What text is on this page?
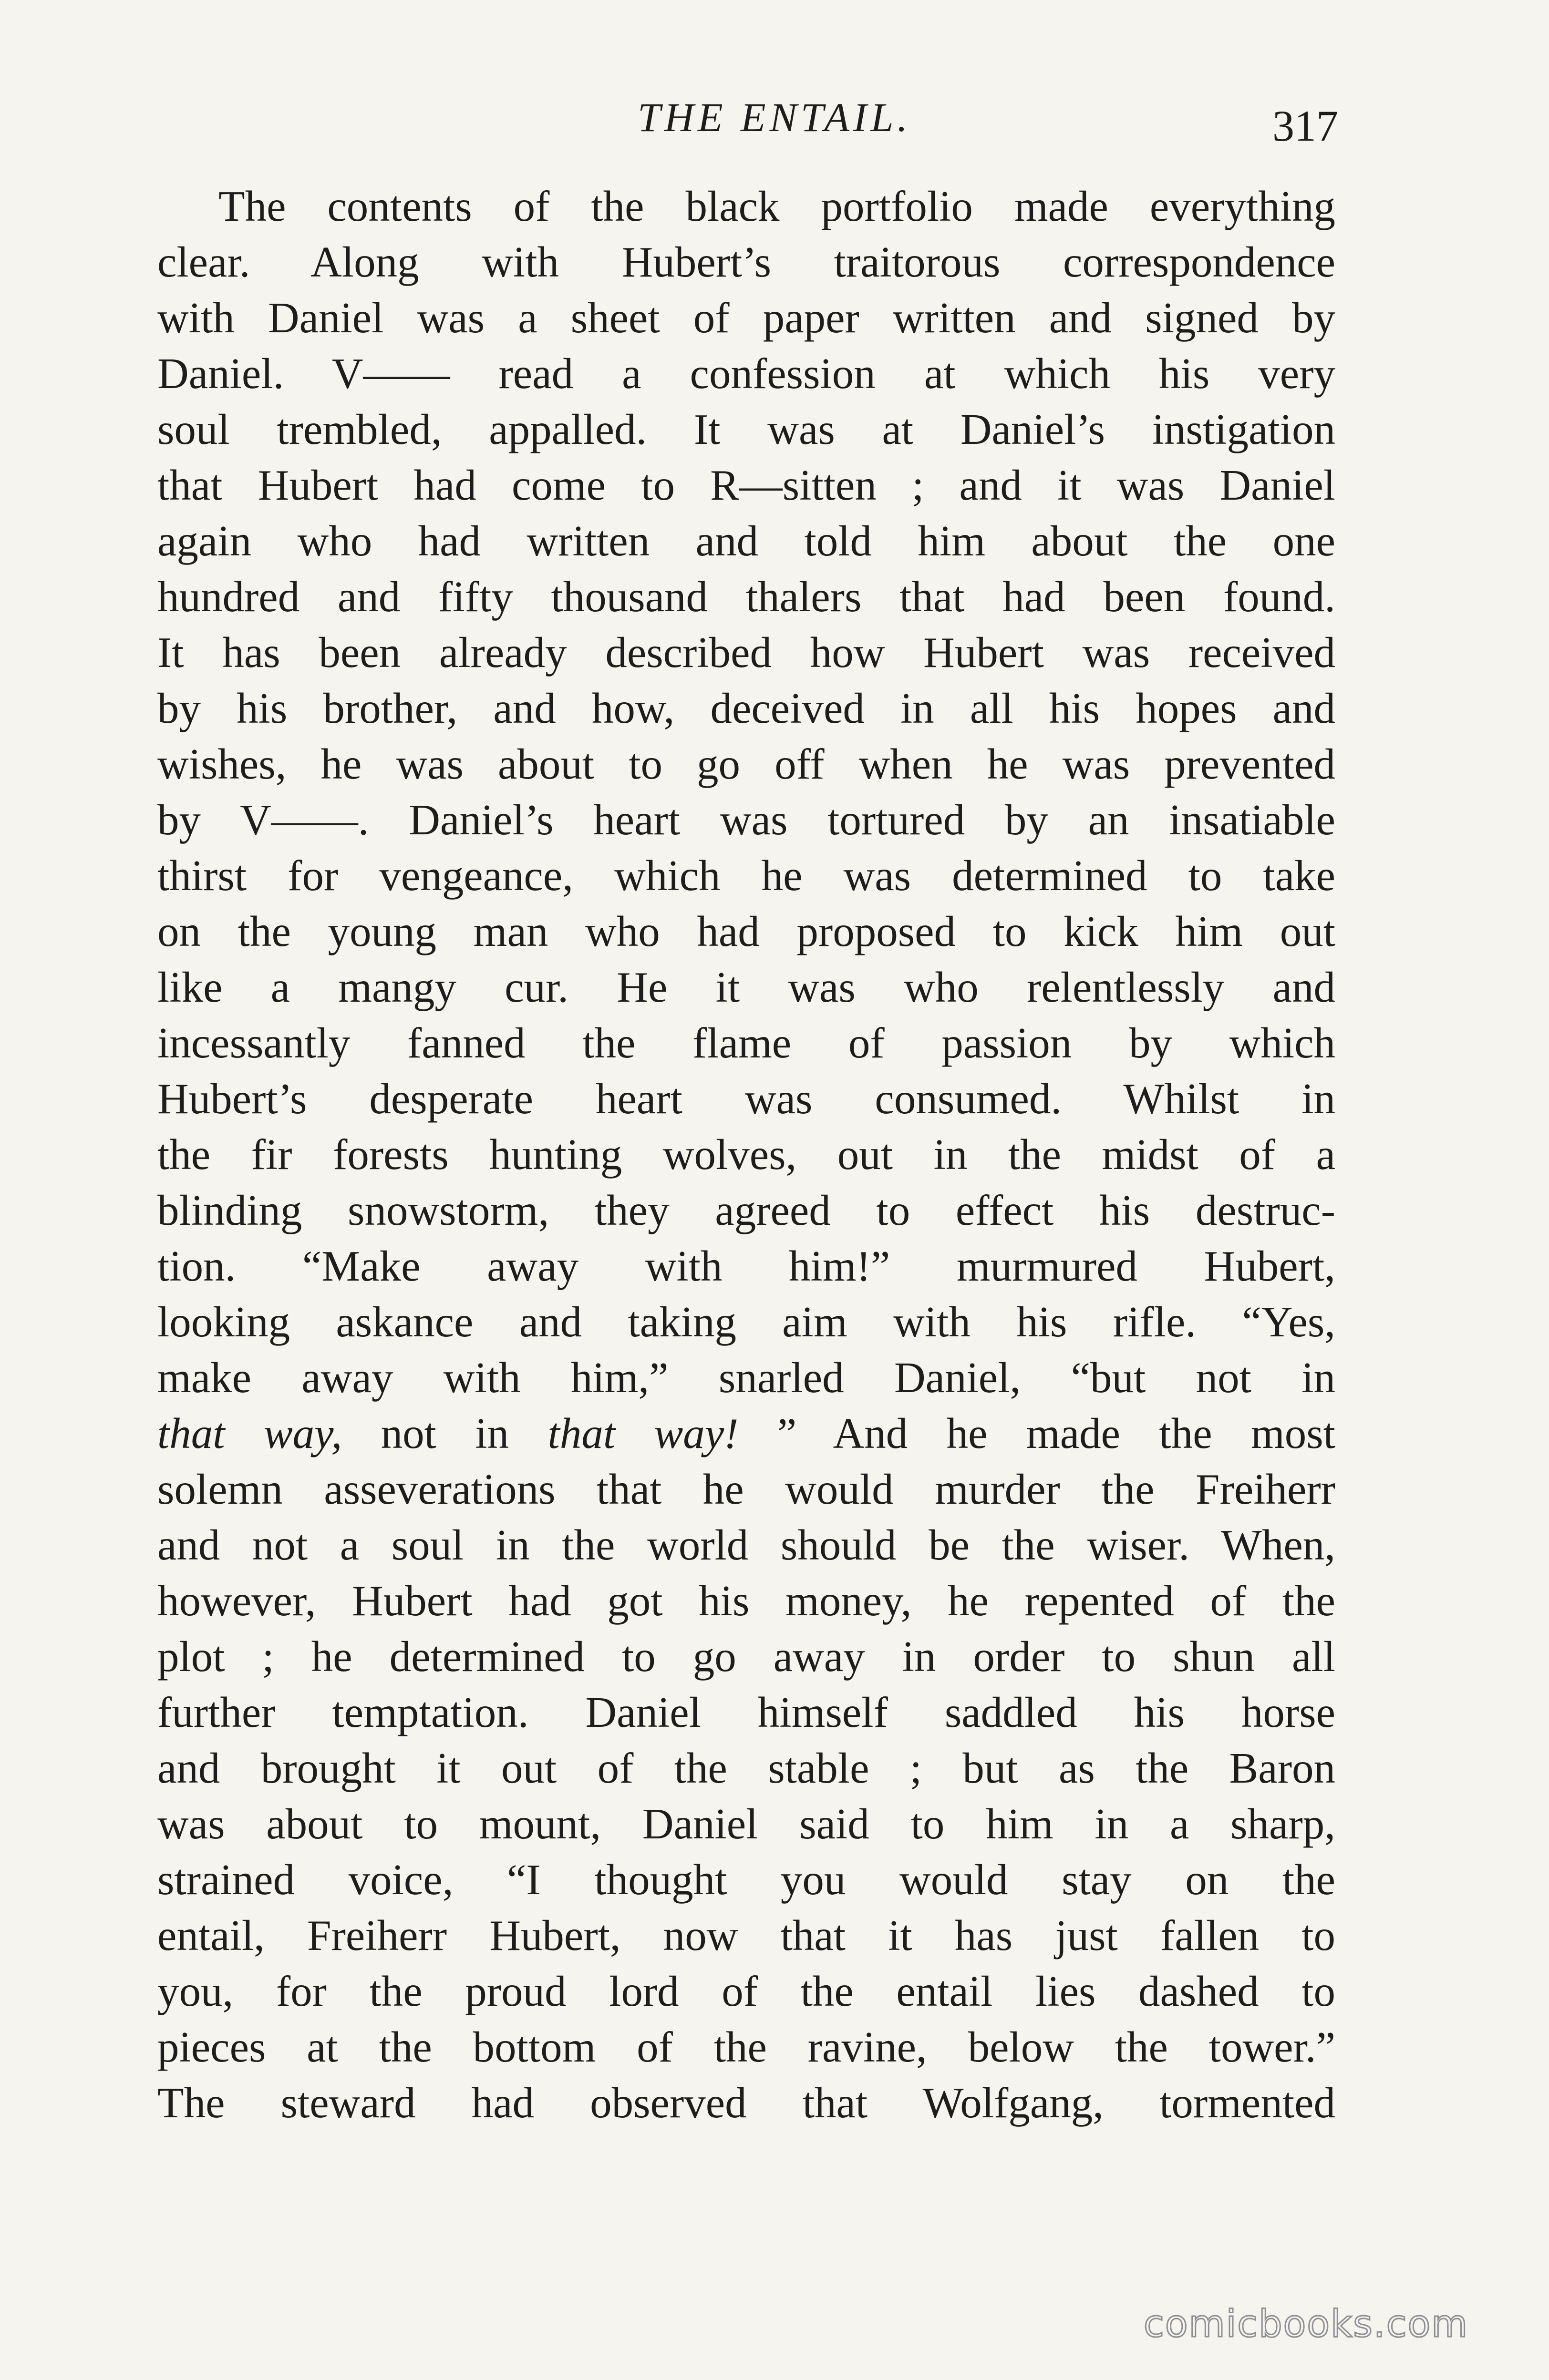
THE ENTAIL.	317
The contents of the black portfolio made everything
clear. Along with Hubert’s traitorous correspondence
with Daniel was a sheet of paper written and signed by
Daniel. V—— read a confession at which his very
soul trembled, appalled. It was at Daniel’s instigation
that Hubert had come to R—sitten ; and it was Daniel
again who had written and told him about the one
hundred and fifty thousand thalers that had been found.
It has been already described how Hubert was received
by his brother, and how, deceived in all his hopes and
wishes, he was about to go off when he was prevented
by V——. Daniel’s heart was tortured by an insatiable
thirst for vengeance, which he was determined to take
on the young man who had proposed to kick him out
like a mangy cur. He it was who relentlessly and
incessantly fanned the flame of passion by which
Hubert’s desperate heart was consumed. Whilst in
the fir forests hunting wolves, out in the midst of a
blinding snowstorm, they agreed to effect his destruc-
tion. “Make away with him!” murmured Hubert,
looking askance and taking aim with his rifle. “Yes,
make away with him,” snarled Daniel, “but not in
that way, not in that way! ” And he made the most
solemn asseverations that he would murder the Freiherr
and not a soul in the world should be the wiser. When,
however, Hubert had got his money, he repented of the
plot ; he determined to go away in order to shun all
further temptation. Daniel himself saddled his horse
and brought it out of the stable ; but as the Baron
was about to mount, Daniel said to him in a sharp,
strained voice, “I thought you would stay on the
entail, Freiherr Hubert, now that it has just fallen to
you, for the proud lord of the entail lies dashed to
pieces at the bottom of the ravine, below the tower.”
The steward had observed that Wolfgang, tormented
comicbooks.com
